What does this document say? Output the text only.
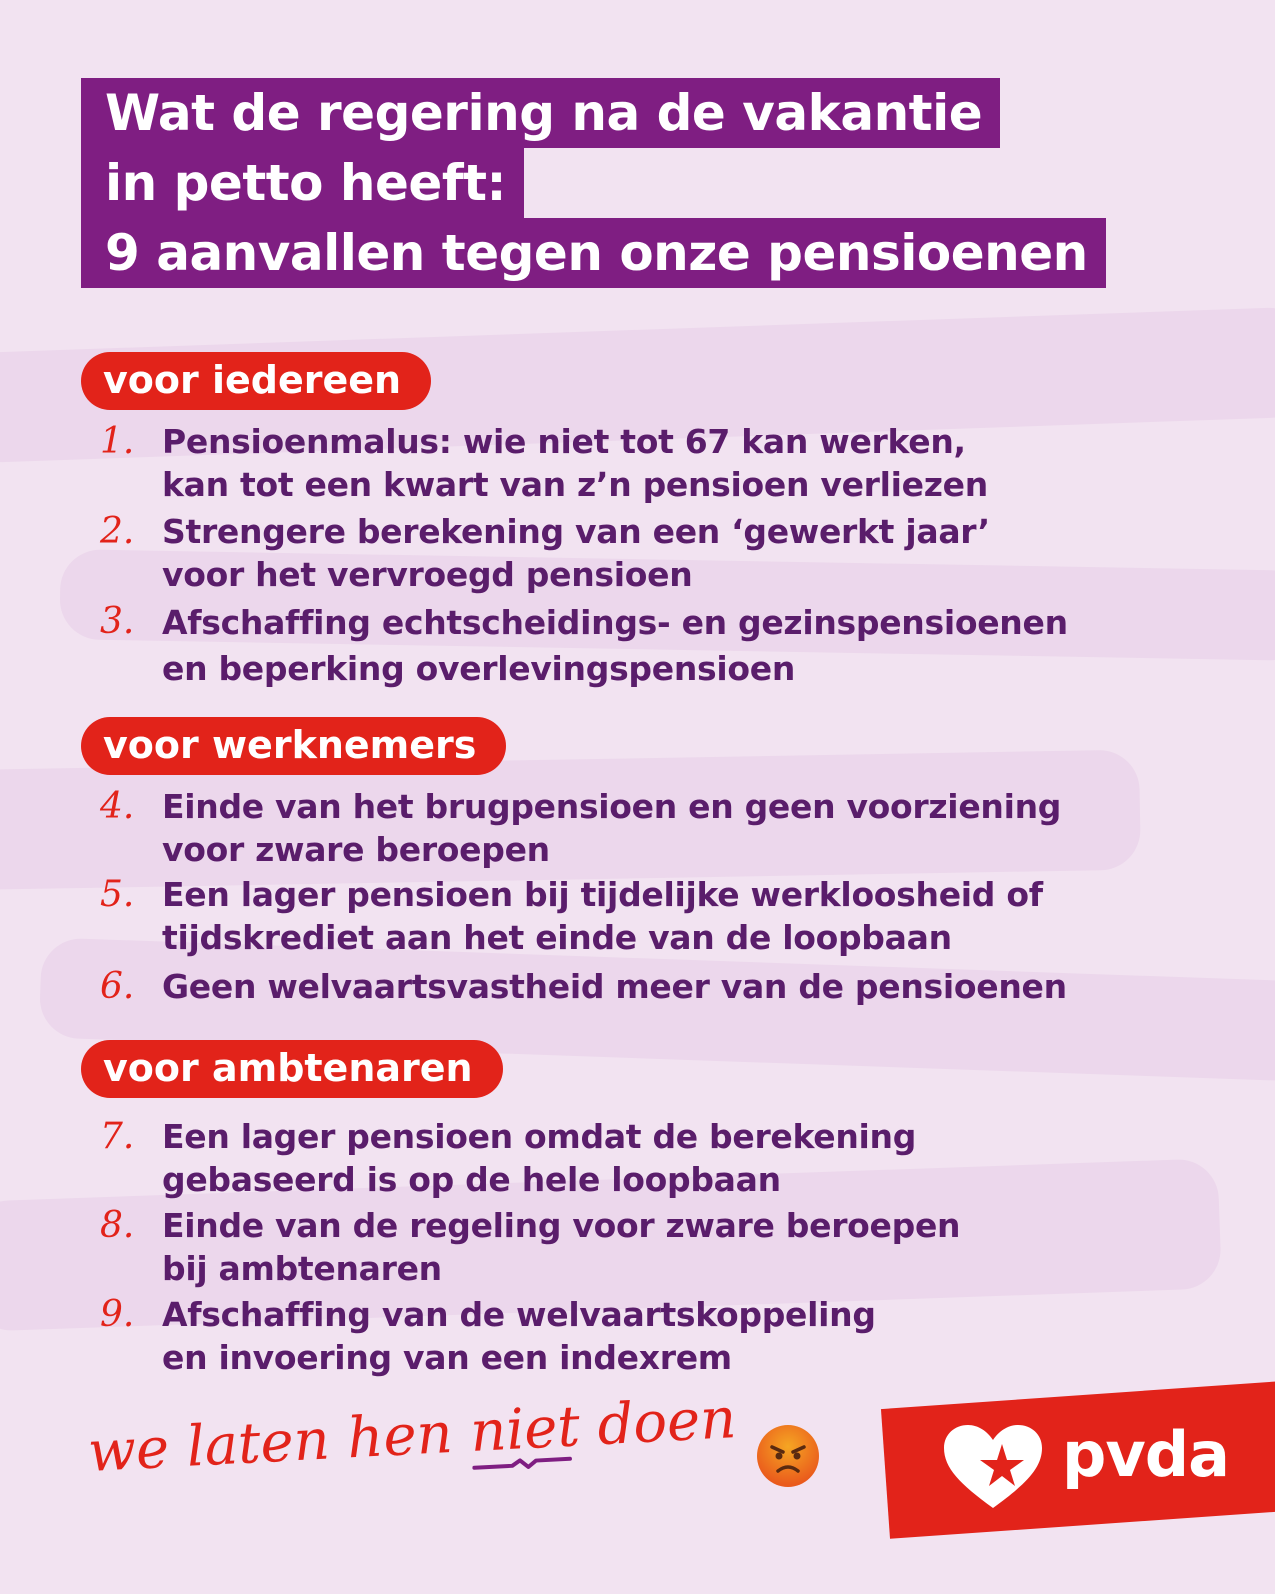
Wat de regering na de vakantie
in petto heeft:
9 aanvallen tegen onze pensioenen
voor iedereen
1. Pensioenmalus: wie niet tot 67 kan werken,
kan tot een kwart van z’n pensioen verliezen
2. Strengere berekening van een ‘gewerkt jaar’
voor het vervroegd pensioen
3. Afschaffing echtscheidings- en gezinspensioenen
en beperking overlevingspensioen
voor werknemers
4. Einde van het brugpensioen en geen voorziening
voor zware beroepen
5. Een lager pensioen bij tijdelijke werkloosheid of
tijdskrediet aan het einde van de loopbaan
6. Geen welvaartsvastheid meer van de pensioenen
voor ambtenaren
7. Een lager pensioen omdat de berekening
gebaseerd is op de hele loopbaan
8. Einde van de regeling voor zware beroepen
bij ambtenaren
9. Afschaffing van de welvaartskoppeling
en invoering van een indexrem
we laten hen niet
doen	pvda
